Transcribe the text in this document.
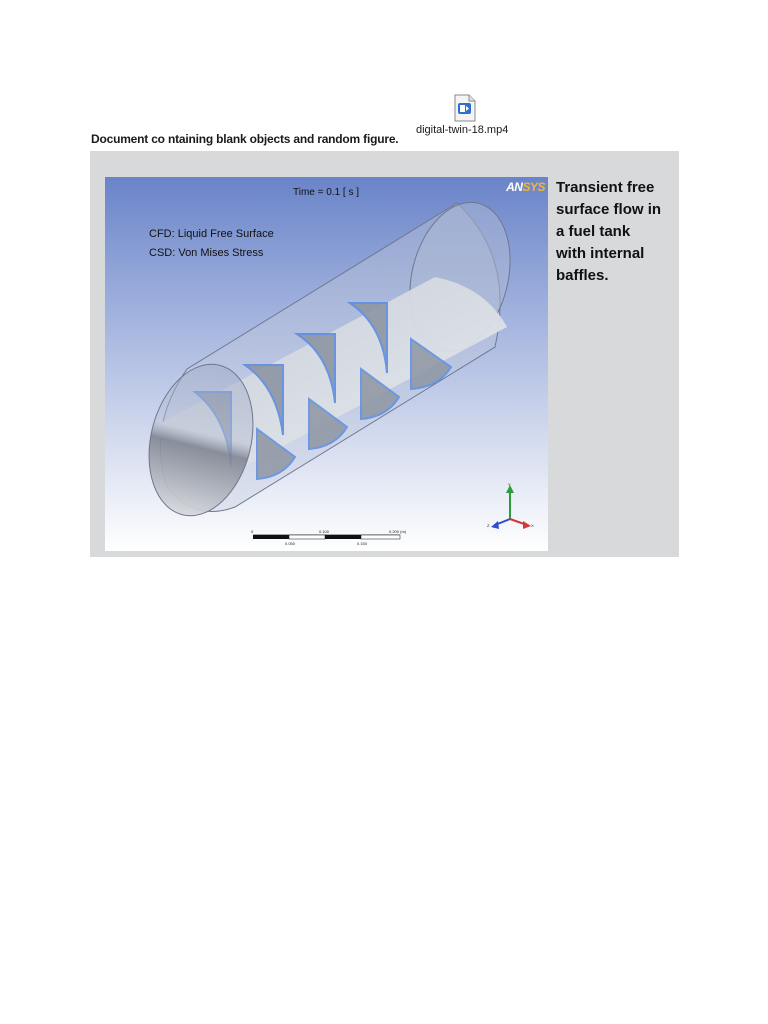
Document co ntaining blank objects and random figure.
digital-twin-18.mp4
Time = 0.1 [ s ]	ANSYS
CFD: Liquid Free Surface
CSD: Von Mises Stress
0	0.100	0.200 (m)
0.050	0.150
Y
Z	X
Transient free
surface flow in
a fuel tank
with internal
baffles.
